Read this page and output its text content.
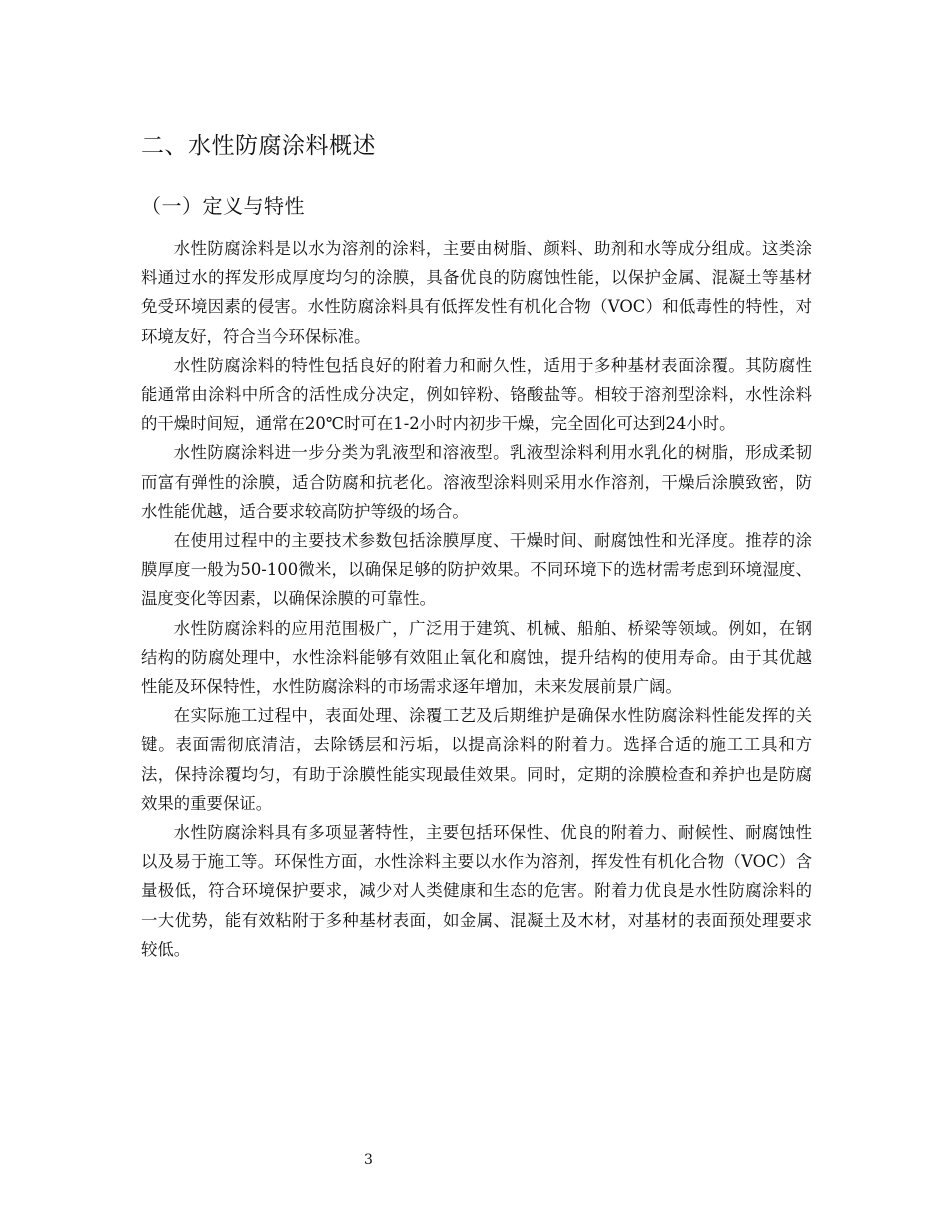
二、水性防腐涂料概述
（一）定义与特性

水性防腐涂料是以水为溶剂的涂料，主要由树脂、颜料、助剂和水等成分组成。这类涂料通过水的挥发形成厚度均匀的涂膜，具备优良的防腐蚀性能，以保护金属、混凝土等基材免受环境因素的侵害。水性防腐涂料具有低挥发性有机化合物（VOC）和低毒性的特性，对环境友好，符合当今环保标准。

水性防腐涂料的特性包括良好的附着力和耐久性，适用于多种基材表面涂覆。其防腐性能通常由涂料中所含的活性成分决定，例如锌粉、铬酸盐等。相较于溶剂型涂料，水性涂料的干燥时间短，通常在20℃时可在1-2小时内初步干燥，完全固化可达到24小时。

水性防腐涂料进一步分类为乳液型和溶液型。乳液型涂料利用水乳化的树脂，形成柔韧而富有弹性的涂膜，适合防腐和抗老化。溶液型涂料则采用水作溶剂，干燥后涂膜致密，防水性能优越，适合要求较高防护等级的场合。

在使用过程中的主要技术参数包括涂膜厚度、干燥时间、耐腐蚀性和光泽度。推荐的涂膜厚度一般为50-100微米，以确保足够的防护效果。不同环境下的选材需考虑到环境湿度、温度变化等因素，以确保涂膜的可靠性。

水性防腐涂料的应用范围极广，广泛用于建筑、机械、船舶、桥梁等领域。例如，在钢结构的防腐处理中，水性涂料能够有效阻止氧化和腐蚀，提升结构的使用寿命。由于其优越性能及环保特性，水性防腐涂料的市场需求逐年增加，未来发展前景广阔。

在实际施工过程中，表面处理、涂覆工艺及后期维护是确保水性防腐涂料性能发挥的关键。表面需彻底清洁，去除锈层和污垢，以提高涂料的附着力。选择合适的施工工具和方法，保持涂覆均匀，有助于涂膜性能实现最佳效果。同时，定期的涂膜检查和养护也是防腐效果的重要保证。

水性防腐涂料具有多项显著特性，主要包括环保性、优良的附着力、耐候性、耐腐蚀性以及易于施工等。环保性方面，水性涂料主要以水作为溶剂，挥发性有机化合物（VOC）含量极低，符合环境保护要求，减少对人类健康和生态的危害。附着力优良是水性防腐涂料的一大优势，能有效粘附于多种基材表面，如金属、混凝土及木材，对基材的表面预处理要求较低。

3
